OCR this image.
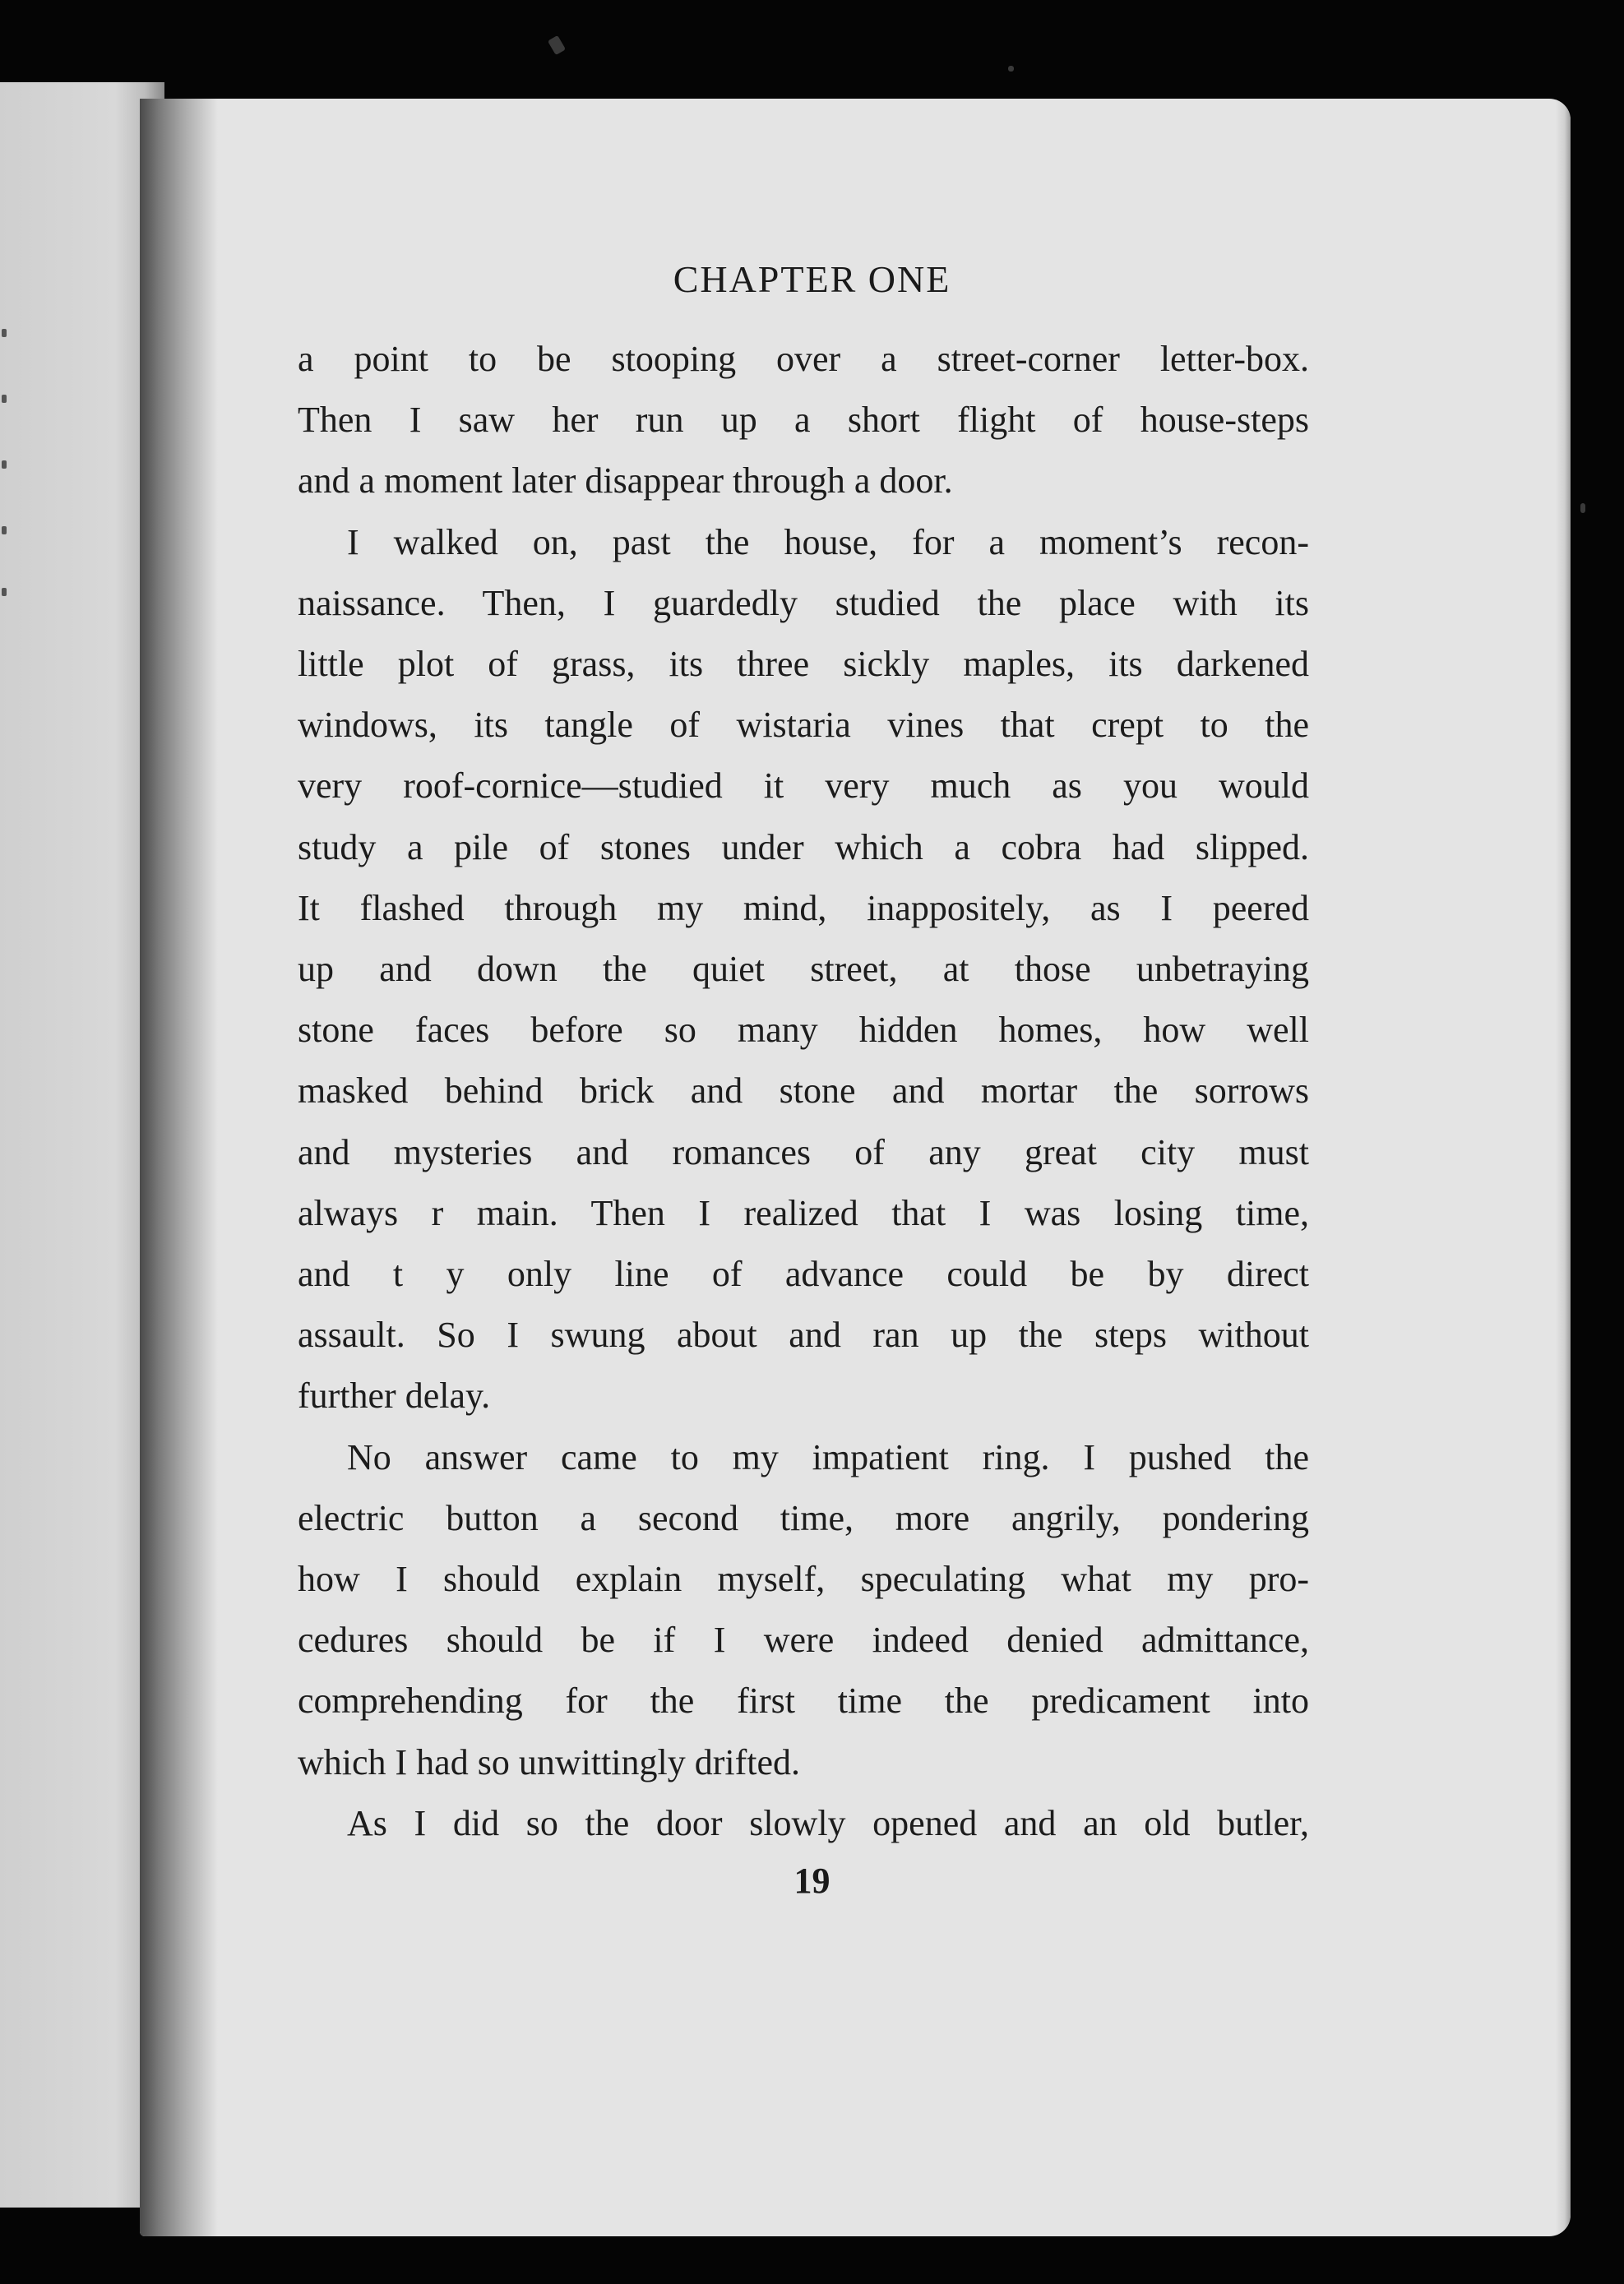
CHAPTER ONE
a point to be stooping over a street-corner letter-box.
Then I saw her run up a short flight of house-steps
and a moment later disappear through a door.
I walked on, past the house, for a moment’s recon-
naissance. Then, I guardedly studied the place with its
little plot of grass, its three sickly maples, its darkened
windows, its tangle of wistaria vines that crept to the
very roof-cornice—studied it very much as you would
study a pile of stones under which a cobra had slipped.
It flashed through my mind, inappositely, as I peered
up and down the quiet street, at those unbetraying
stone faces before so many hidden homes, how well
masked behind brick and stone and mortar the sorrows
and mysteries and romances of any great city must
always r main. Then I realized that I was losing time,
and t y only line of advance could be by direct
assault. So I swung about and ran up the steps without
further delay.
No answer came to my impatient ring. I pushed the
electric button a second time, more angrily, pondering
how I should explain myself, speculating what my pro-
cedures should be if I were indeed denied admittance,
comprehending for the first time the predicament into
which I had so unwittingly drifted.
As I did so the door slowly opened and an old butler,
19
